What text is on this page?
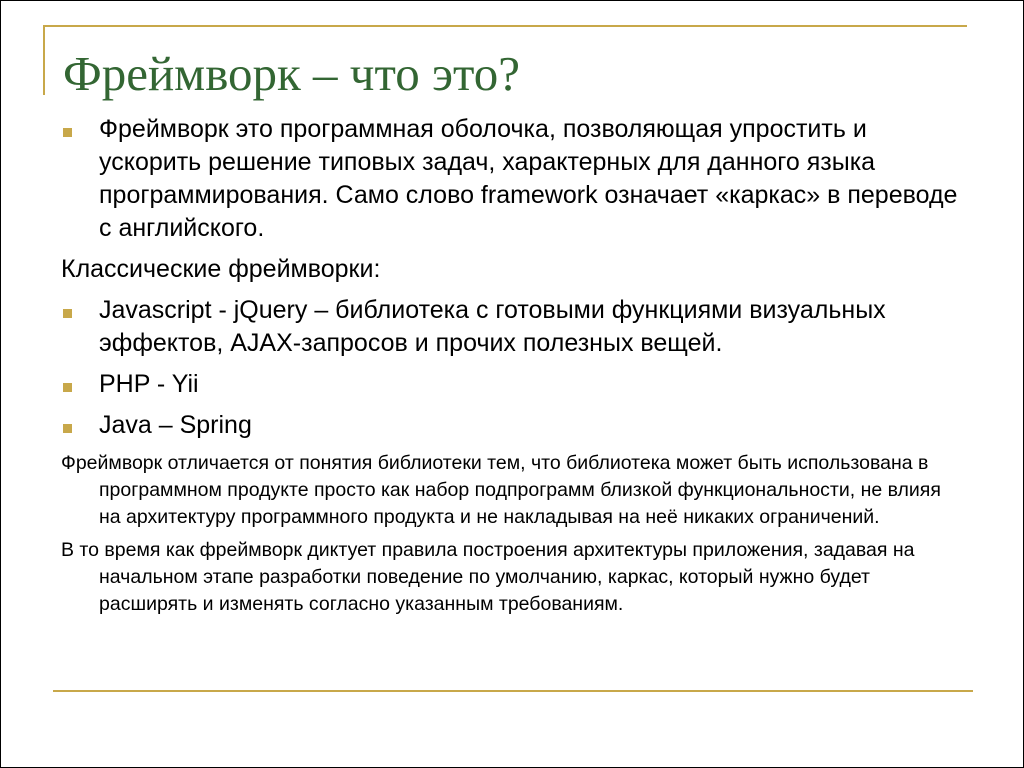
Фреймворк – что это?
Фреймворк это программная оболочка, позволяющая упростить и ускорить решение типовых задач, характерных для данного языка программирования. Само слово framework означает «каркас» в переводе с английского.
Классические фреймворки:
Javascript - jQuery – библиотека с готовыми функциями визуальных эффектов, AJAX-запросов и прочих полезных вещей.
PHP - Yii
Java – Spring
Фреймворк отличается от понятия библиотеки тем, что библиотека может быть использована в программном продукте просто как набор подпрограмм близкой функциональности, не влияя на архитектуру программного продукта и не накладывая на неё никаких ограничений.
В то время как фреймворк диктует правила построения архитектуры приложения, задавая на начальном этапе разработки поведение по умолчанию, каркас, который нужно будет расширять и изменять согласно указанным требованиям.
